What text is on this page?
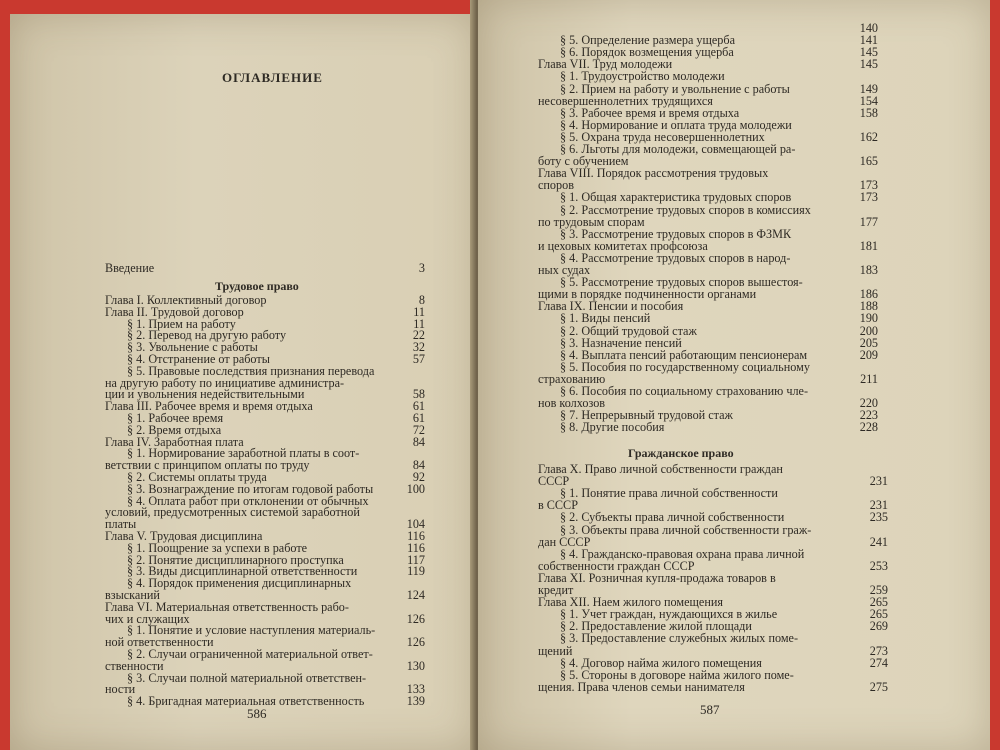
ОГЛАВЛЕНИЕ
Введение	3
Трудовое право
Глава I. Коллективный договор	8
Глава II. Трудовой договор	11
§ 1. Прием на работу	11
§ 2. Перевод на другую работу	22
§ 3. Увольнение с работы	32
§ 4. Отстранение от работы	57
§ 5. Правовые последствия признания перевода
на другую работу по инициативе администра-
ции и увольнения недействительными	58
Глава III. Рабочее время и время отдыха	61
§ 1. Рабочее время	61
§ 2. Время отдыха	72
Глава IV. Заработная плата	84
§ 1. Нормирование заработной платы в соот-
ветствии с принципом оплаты по труду	84
§ 2. Системы оплаты труда	92
§ 3. Вознаграждение по итогам годовой работы	100
§ 4. Оплата работ при отклонении от обычных
условий, предусмотренных системой заработной
платы	104
Глава V. Трудовая дисциплина	116
§ 1. Поощрение за успехи в работе	116
§ 2. Понятие дисциплинарного проступка	117
§ 3. Виды дисциплинарной ответственности	119
§ 4. Порядок применения дисциплинарных
взысканий	124
Глава VI. Материальная ответственность рабо-
чих и служащих	126
§ 1. Понятие и условие наступления материаль-
ной ответственности	126
§ 2. Случаи ограниченной материальной ответ-
ственности	130
§ 3. Случаи полной материальной ответствен-
ности	133
§ 4. Бригадная материальная ответственность	139
586
140
§ 5. Определение размера ущерба	141
§ 6. Порядок возмещения ущерба	145
Глава VII. Труд молодежи	145
§ 1. Трудоустройство молодежи
§ 2. Прием на работу и увольнение с работы	149
несовершеннолетних трудящихся	154
§ 3. Рабочее время и время отдыха	158
§ 4. Нормирование и оплата труда молодежи
§ 5. Охрана труда несовершеннолетних	162
§ 6. Льготы для молодежи, совмещающей ра-
боту с обучением	165
Глава VIII. Порядок рассмотрения трудовых
споров	173
§ 1. Общая характеристика трудовых споров	173
§ 2. Рассмотрение трудовых споров в комиссиях
по трудовым спорам	177
§ 3. Рассмотрение трудовых споров в ФЗМК
и цеховых комитетах профсоюза	181
§ 4. Рассмотрение трудовых споров в народ-
ных судах	183
§ 5. Рассмотрение трудовых споров вышестоя-
щими в порядке подчиненности органами	186
Глава IX. Пенсии и пособия	188
§ 1. Виды пенсий	190
§ 2. Общий трудовой стаж	200
§ 3. Назначение пенсий	205
§ 4. Выплата пенсий работающим пенсионерам	209
§ 5. Пособия по государственному социальному
страхованию	211
§ 6. Пособия по социальному страхованию чле-
нов колхозов	220
§ 7. Непрерывный трудовой стаж	223
§ 8. Другие пособия	228
Гражданское право
Глава X. Право личной собственности граждан
СССР	231
§ 1. Понятие права личной собственности
в СССР	231
§ 2. Субъекты права личной собственности	235
§ 3. Объекты права личной собственности граж-
дан СССР	241
§ 4. Гражданско-правовая охрана права личной
собственности граждан СССР	253
Глава XI. Розничная купля-продажа товаров в
кредит	259
Глава XII. Наем жилого помещения	265
§ 1. Учет граждан, нуждающихся в жилье	265
§ 2. Предоставление жилой площади	269
§ 3. Предоставление служебных жилых поме-
щений	273
§ 4. Договор найма жилого помещения	274
§ 5. Стороны в договоре найма жилого поме-
щения. Права членов семьи нанимателя	275
587
